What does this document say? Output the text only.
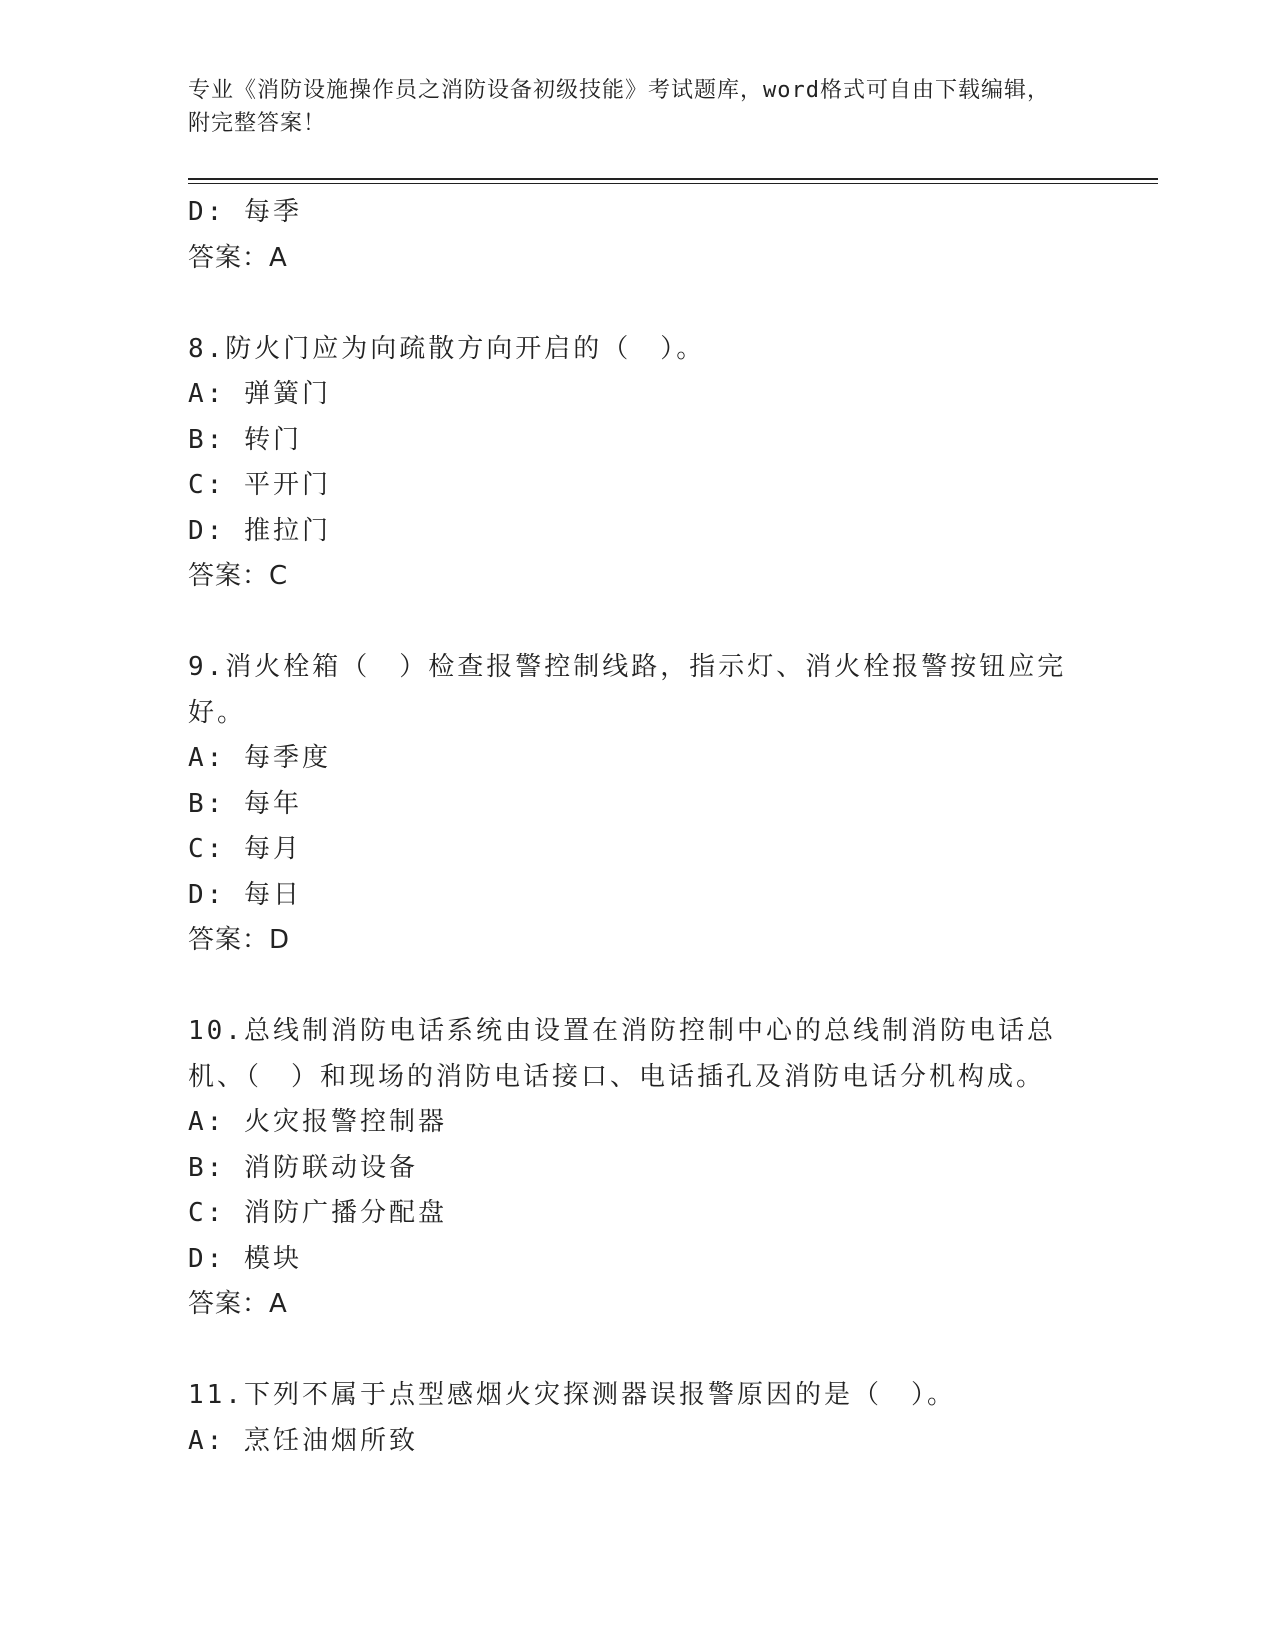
专业《消防设施操作员之消防设备初级技能》考试题库，word格式可自由下载编辑，附完整答案！
D: 每季
答案：A
8.防火门应为向疏散方向开启的（　）。
A: 弹簧门
B: 转门
C: 平开门
D: 推拉门
答案：C
9.消火栓箱（　）检查报警控制线路，指示灯、消火栓报警按钮应完好。
A: 每季度
B: 每年
C: 每月
D: 每日
答案：D
10.总线制消防电话系统由设置在消防控制中心的总线制消防电话总机、（　）和现场的消防电话接口、电话插孔及消防电话分机构成。
A: 火灾报警控制器
B: 消防联动设备
C: 消防广播分配盘
D: 模块
答案：A
11.下列不属于点型感烟火灾探测器误报警原因的是（　）。
A: 烹饪油烟所致
